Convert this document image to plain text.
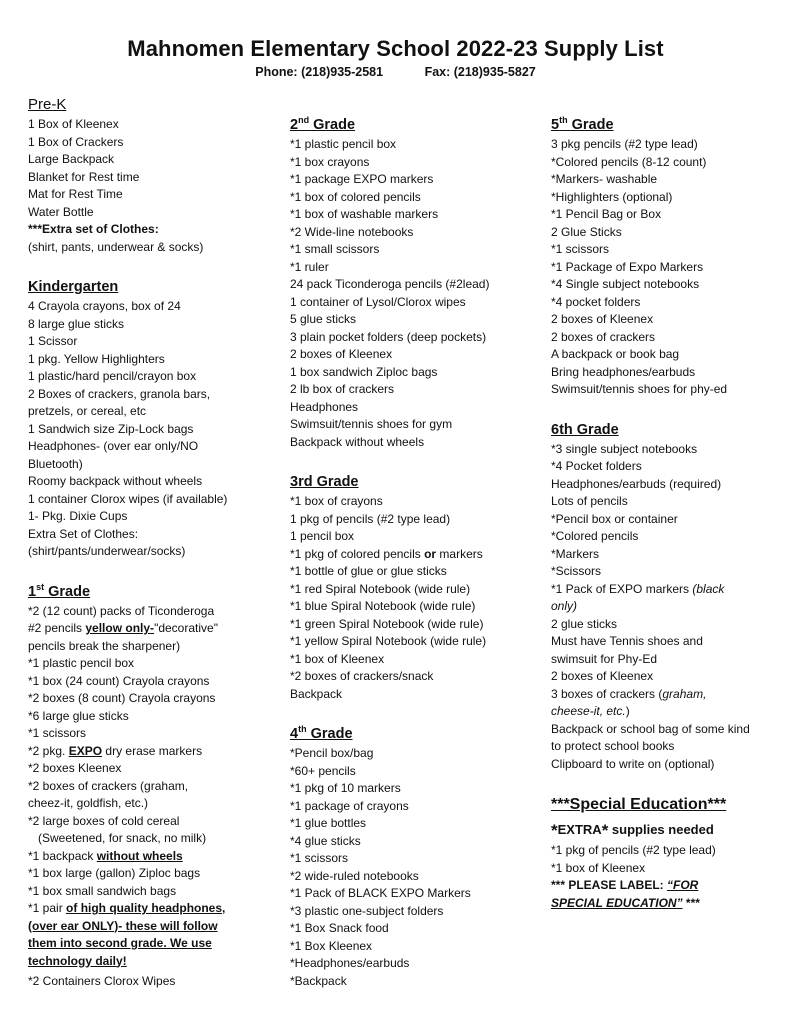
Mahnomen Elementary School 2022-23 Supply List
Phone: (218)935-2581	Fax: (218)935-5827
Pre-K
1 Box of Kleenex
1 Box of Crackers
Large Backpack
Blanket for Rest time
Mat for Rest Time
Water Bottle
***Extra set of Clothes:
(shirt, pants, underwear & socks)
Kindergarten
4 Crayola crayons, box of 24
8 large glue sticks
1 Scissor
1 pkg. Yellow Highlighters
1 plastic/hard pencil/crayon box
2 Boxes of crackers, granola bars,
pretzels, or cereal, etc
1 Sandwich size Zip-Lock bags
Headphones- (over ear only/NO
Bluetooth)
Roomy backpack without wheels
1 container Clorox wipes (if available)
1- Pkg. Dixie Cups
Extra Set of Clothes:
(shirt/pants/underwear/socks)
1st Grade
*2 (12 count) packs of Ticonderoga
#2 pencils yellow only-"decorative"
pencils break the sharpener)
*1 plastic pencil box
*1 box (24 count) Crayola crayons
*2 boxes (8 count) Crayola crayons
*6 large glue sticks
*1 scissors
*2 pkg. EXPO dry erase markers
*2 boxes Kleenex
*2 boxes of crackers (graham,
cheez-it, goldfish, etc.)
*2 large boxes of cold cereal
(Sweetened, for snack, no milk)
*1 backpack without wheels
*1 box large (gallon) Ziploc bags
*1 box small sandwich bags
*1 pair of high quality headphones,
(over ear ONLY)- these will follow
them into second grade. We use
technology daily!
*2 Containers Clorox Wipes
2nd Grade
*1 plastic pencil box
*1 box crayons
*1 package EXPO markers
*1 box of colored pencils
*1 box of washable markers
*2 Wide-line notebooks
*1 small scissors
*1 ruler
24 pack Ticonderoga pencils (#2lead)
1 container of Lysol/Clorox wipes
5 glue sticks
3 plain pocket folders (deep pockets)
2 boxes of Kleenex
1 box sandwich Ziploc bags
2 lb box of crackers
Headphones
Swimsuit/tennis shoes for gym
Backpack without wheels
3rd Grade
*1 box of crayons
1 pkg of pencils (#2 type lead)
1 pencil box
*1 pkg of colored pencils or markers
*1 bottle of glue or glue sticks
*1 red Spiral Notebook (wide rule)
*1 blue Spiral Notebook (wide rule)
*1 green Spiral Notebook (wide rule)
*1 yellow Spiral Notebook (wide rule)
*1 box of Kleenex
*2 boxes of crackers/snack
Backpack
4th Grade
*Pencil box/bag
*60+ pencils
*1 pkg of 10 markers
*1 package of crayons
*1 glue bottles
*4 glue sticks
*1 scissors
*2 wide-ruled notebooks
*1 Pack of BLACK EXPO Markers
*3 plastic one-subject folders
*1 Box Snack food
*1 Box Kleenex
*Headphones/earbuds
*Backpack
5th Grade
3 pkg pencils (#2 type lead)
*Colored pencils (8-12 count)
*Markers- washable
*Highlighters (optional)
*1 Pencil Bag or Box
2 Glue Sticks
*1 scissors
*1 Package of Expo Markers
*4 Single subject notebooks
*4 pocket folders
2 boxes of Kleenex
2 boxes of crackers
A backpack or book bag
Bring headphones/earbuds
Swimsuit/tennis shoes for phy-ed
6th Grade
*3 single subject notebooks
*4 Pocket folders
Headphones/earbuds (required)
Lots of pencils
*Pencil box or container
*Colored pencils
*Markers
*Scissors
*1 Pack of EXPO markers (black
only)
2 glue sticks
Must have Tennis shoes and
swimsuit for Phy-Ed
2 boxes of Kleenex
3 boxes of crackers (graham,
cheese-it, etc.)
Backpack or school bag of some kind
to protect school books
Clipboard to write on (optional)
***Special Education***
*EXTRA* supplies needed
*1 pkg of pencils (#2 type lead)
*1 box of Kleenex
*** PLEASE LABEL: “FOR
SPECIAL EDUCATION” ***
